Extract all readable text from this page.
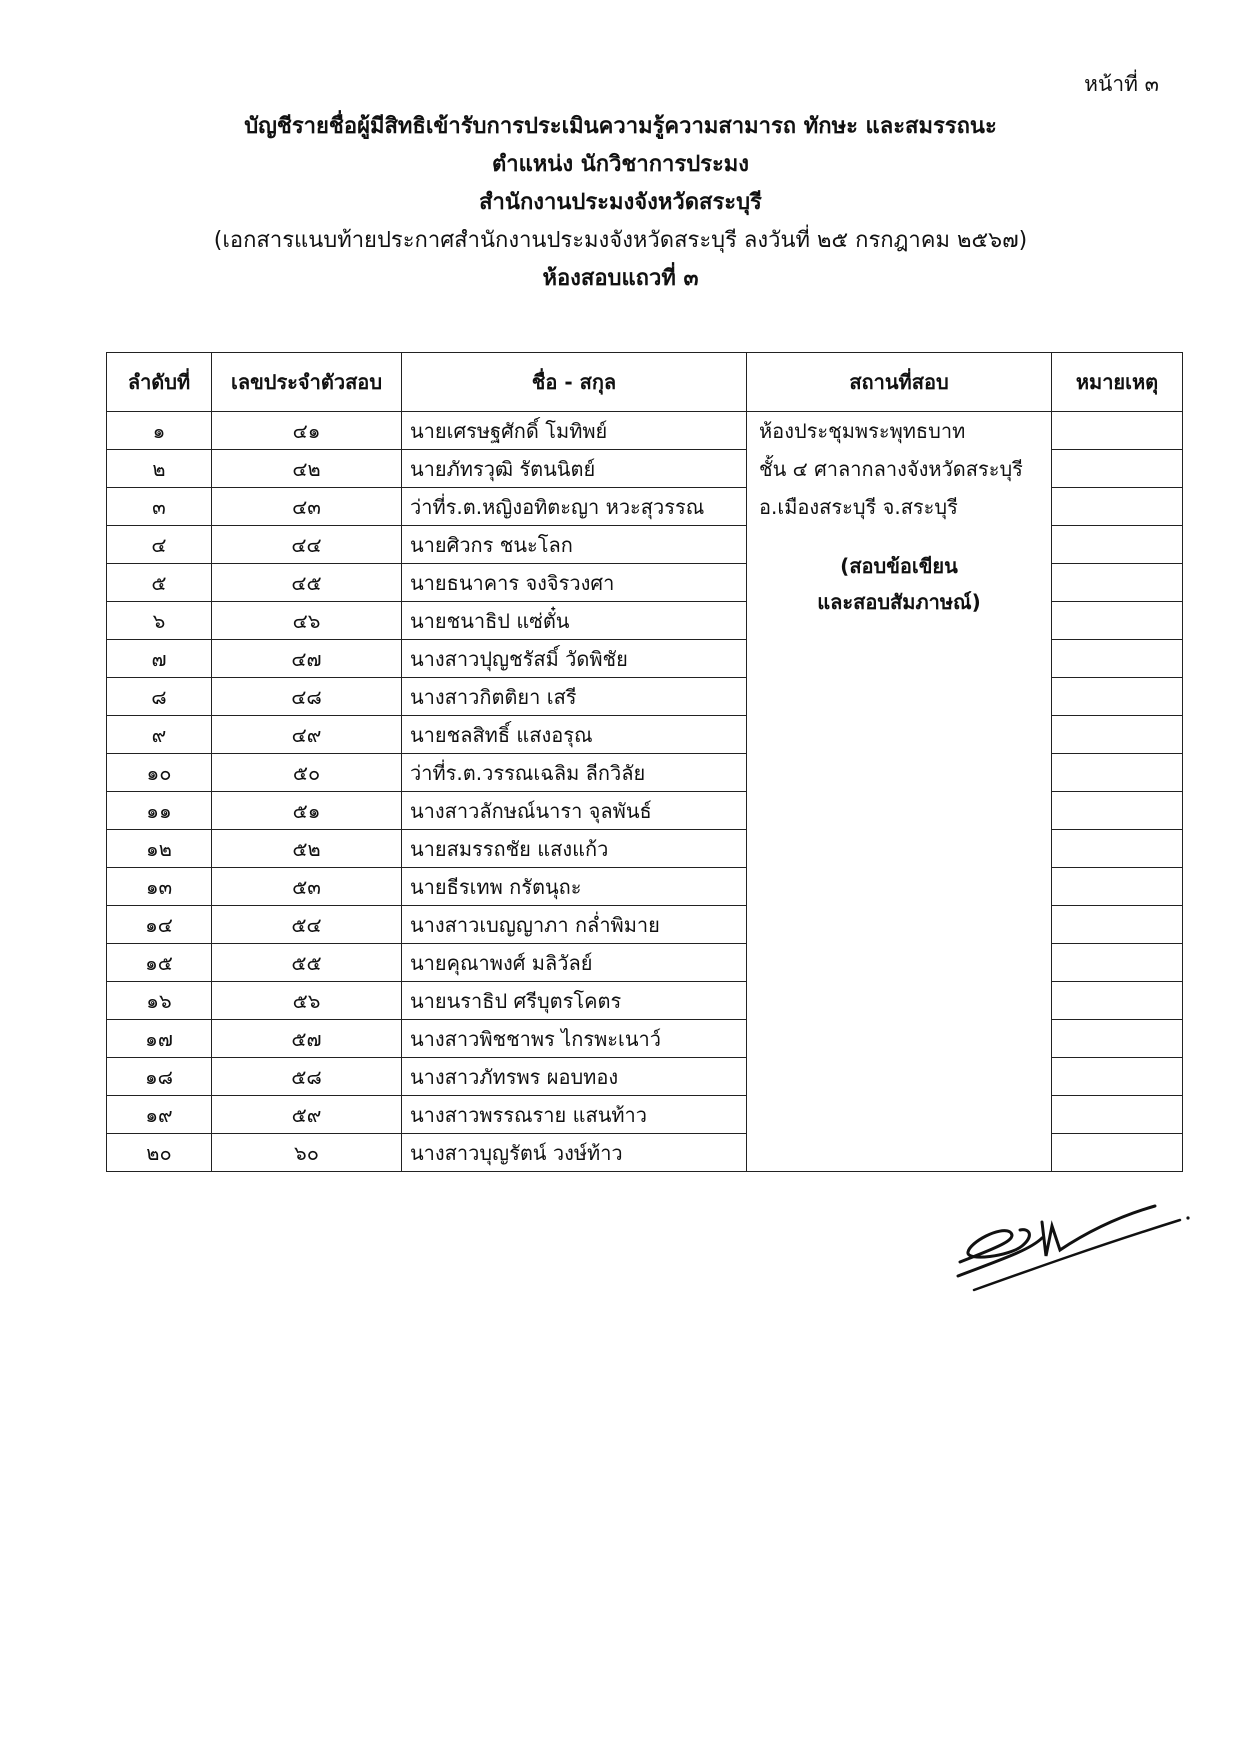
หน้าที่ ๓
บัญชีรายชื่อผู้มีสิทธิเข้ารับการประเมินความรู้ความสามารถ ทักษะ และสมรรถนะ
ตำแหน่ง นักวิชาการประมง
สำนักงานประมงจังหวัดสระบุรี
(เอกสารแนบท้ายประกาศสำนักงานประมงจังหวัดสระบุรี ลงวันที่ ๒๕ กรกฎาคม ๒๕๖๗)
ห้องสอบแถวที่ ๓
ลำดับที่	เลขประจำตัวสอบ	ชื่อ - สกุล	สถานที่สอบ	หมายเหตุ
๑	๔๑	นายเศรษฐศักดิ์ โมทิพย์	ห้องประชุมพระพุทธบาท
ชั้น ๔ ศาลากลางจังหวัดสระบุรี
อ.เมืองสระบุรี จ.สระบุรี
(สอบข้อเขียน
และสอบสัมภาษณ์)	

๒	๔๒	นายภัทรวุฒิ รัตนนิตย์		
๓	๔๓	ว่าที่ร.ต.หญิงอทิตะญา หวะสุวรรณ		
๔	๔๔	นายศิวกร ชนะโลก		
๕	๔๕	นายธนาคาร จงจิรวงศา		
๖	๔๖	นายชนาธิป แซ่ตั๋น		
๗	๔๗	นางสาวปุญชรัสมิ์ วัดพิชัย		
๘	๔๘	นางสาวกิตติยา เสรี		
๙	๔๙	นายชลสิทธิ์ แสงอรุณ		
๑๐	๕๐	ว่าที่ร.ต.วรรณเฉลิม ลีกวิลัย		
๑๑	๕๑	นางสาวลักษณ์นารา จุลพันธ์		
๑๒	๕๒	นายสมรรถชัย แสงแก้ว		
๑๓	๕๓	นายธีรเทพ กรัตนุถะ		
๑๔	๕๔	นางสาวเบญญาภา กล่ำพิมาย		
๑๕	๕๕	นายคุณาพงศ์ มลิวัลย์		
๑๖	๕๖	นายนราธิป ศรีบุตรโคตร		
๑๗	๕๗	นางสาวพิชชาพร ไกรพะเนาว์		
๑๘	๕๘	นางสาวภัทรพร ผอบทอง		
๑๙	๕๙	นางสาวพรรณราย แสนท้าว		
๒๐	๖๐	นางสาวบุญรัตน์ วงษ์ท้าว		
